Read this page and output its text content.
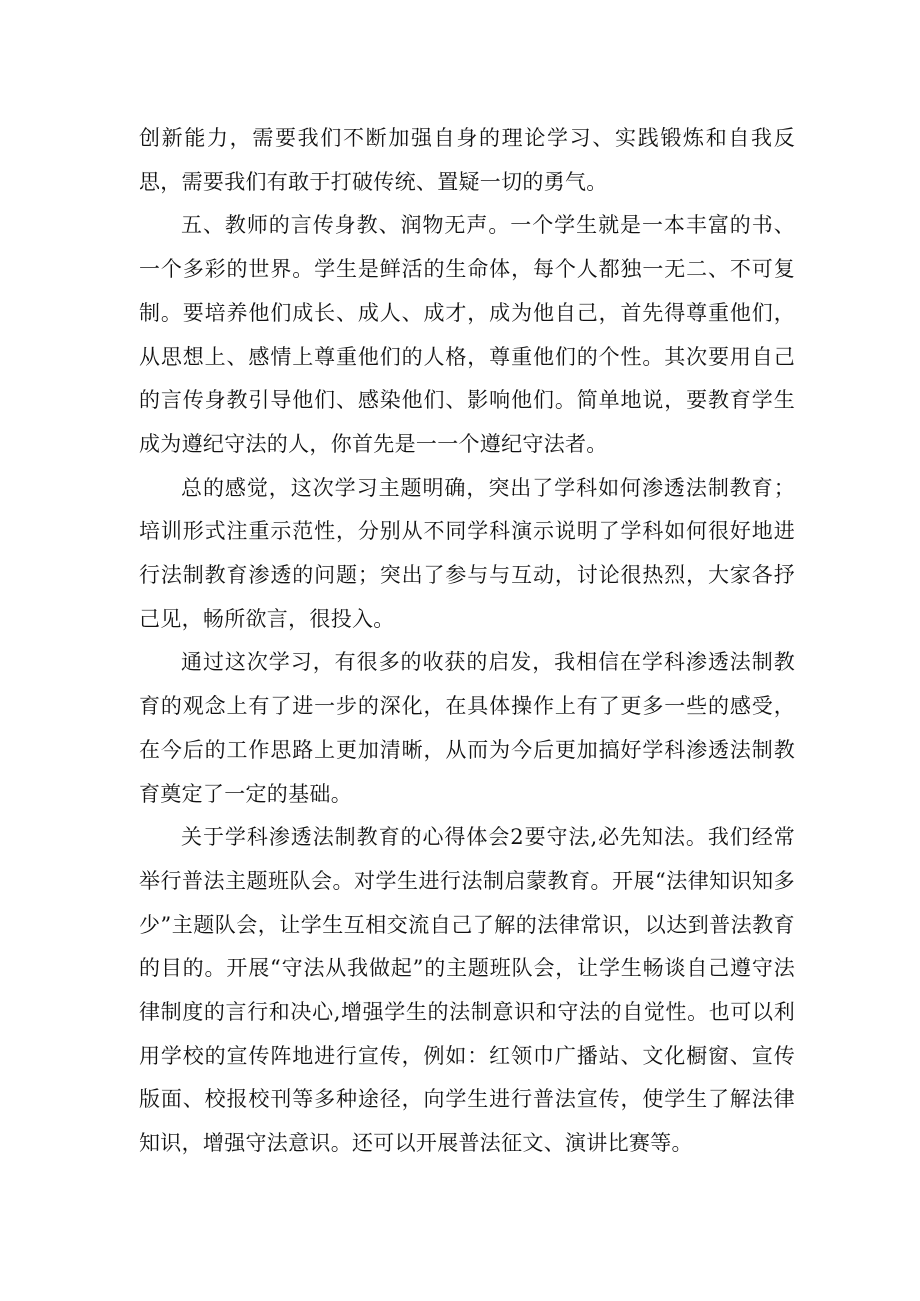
创新能力，需要我们不断加强自身的理论学习、实践锻炼和自我反思，需要我们有敢于打破传统、置疑一切的勇气。

五、教师的言传身教、润物无声。一个学生就是一本丰富的书、一个多彩的世界。学生是鲜活的生命体，每个人都独一无二、不可复制。要培养他们成长、成人、成才，成为他自己，首先得尊重他们，从思想上、感情上尊重他们的人格，尊重他们的个性。其次要用自己的言传身教引导他们、感染他们、影响他们。简单地说，要教育学生成为遵纪守法的人，你首先是一一个遵纪守法者。

总的感觉，这次学习主题明确，突出了学科如何渗透法制教育；培训形式注重示范性，分别从不同学科演示说明了学科如何很好地进行法制教育渗透的问题；突出了参与与互动，讨论很热烈，大家各抒己见，畅所欲言，很投入。

通过这次学习，有很多的收获的启发，我相信在学科渗透法制教育的观念上有了进一步的深化，在具体操作上有了更多一些的感受，在今后的工作思路上更加清晰，从而为今后更加搞好学科渗透法制教育奠定了一定的基础。

关于学科渗透法制教育的心得体会2要守法,必先知法。我们经常举行普法主题班队会。对学生进行法制启蒙教育。开展“法律知识知多少”主题队会，让学生互相交流自己了解的法律常识，以达到普法教育的目的。开展“守法从我做起”的主题班队会，让学生畅谈自己遵守法律制度的言行和决心,增强学生的法制意识和守法的自觉性。也可以利用学校的宣传阵地进行宣传，例如：红领巾广播站、文化橱窗、宣传版面、校报校刊等多种途径，向学生进行普法宣传，使学生了解法律知识，增强守法意识。还可以开展普法征文、演讲比赛等。
